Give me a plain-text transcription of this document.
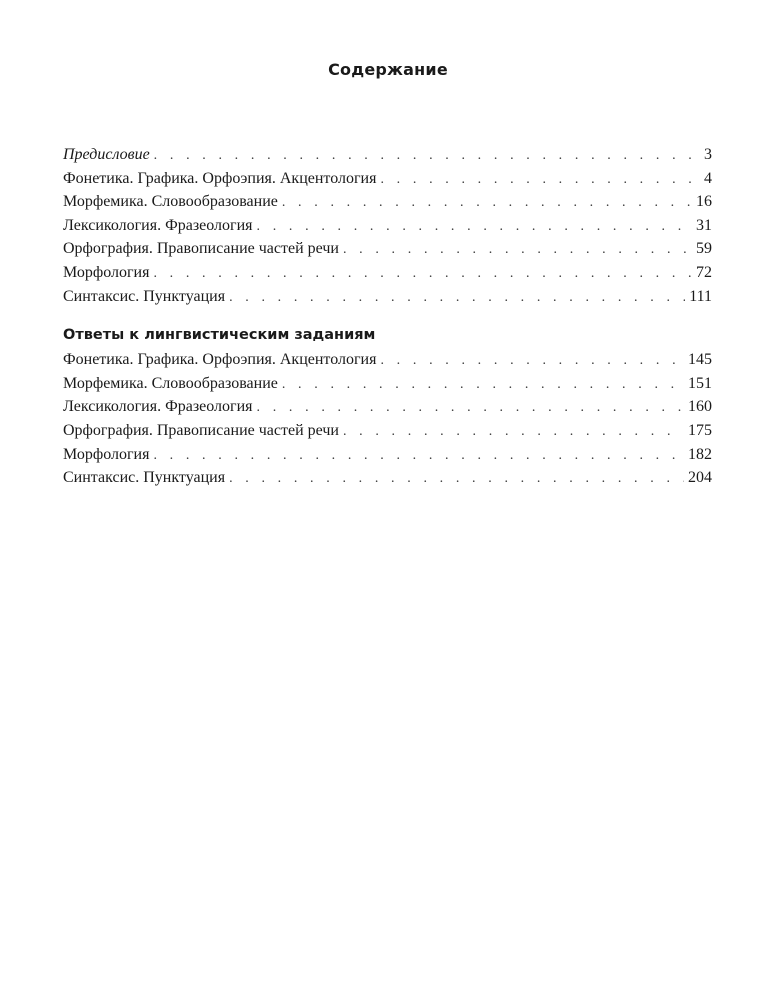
Содержание
Предисловие . . .	3
Фонетика. Графика. Орфоэпия. Акцентология . . .	4
Морфемика. Словообразование . . .	16
Лексикология. Фразеология . . .	31
Орфография. Правописание частей речи . . .	59
Морфология . . .	72
Синтаксис. Пунктуация . . .	111
Ответы к лингвистическим заданиям
Фонетика. Графика. Орфоэпия. Акцентология . . .	145
Морфемика. Словообразование . . .	151
Лексикология. Фразеология . . .	160
Орфография. Правописание частей речи . . .	175
Морфология . . .	182
Синтаксис. Пунктуация . . .	204
